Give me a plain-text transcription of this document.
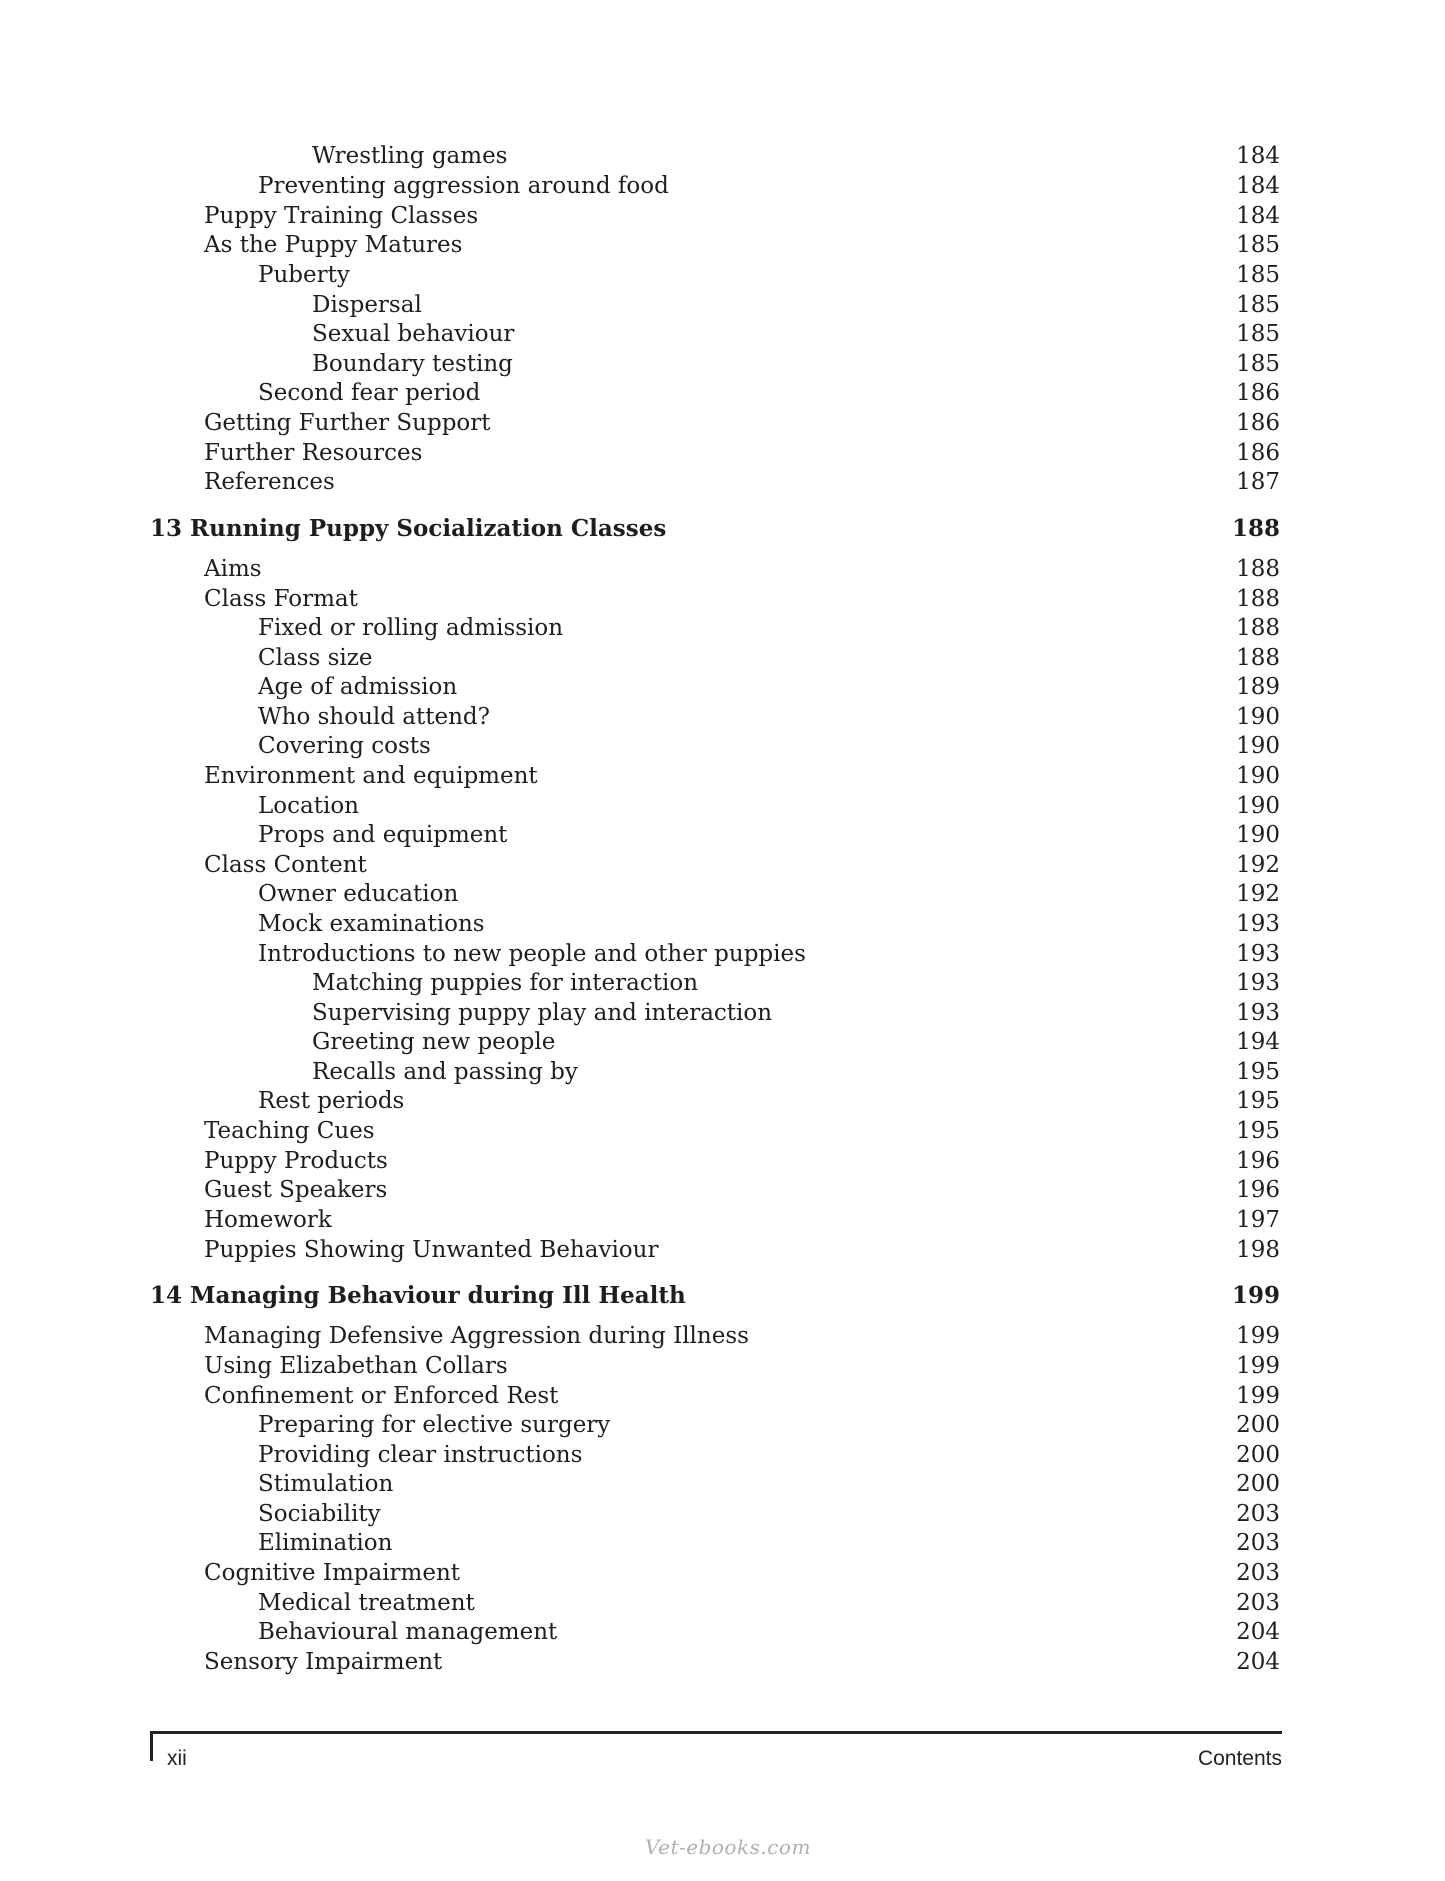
Wrestling games	184
Preventing aggression around food	184
Puppy Training Classes	184
As the Puppy Matures	185
Puberty	185
Dispersal	185
Sexual behaviour	185
Boundary testing	185
Second fear period	186
Getting Further Support	186
Further Resources	186
References	187
13 Running Puppy Socialization Classes	188
Aims	188
Class Format	188
Fixed or rolling admission	188
Class size	188
Age of admission	189
Who should attend?	190
Covering costs	190
Environment and equipment	190
Location	190
Props and equipment	190
Class Content	192
Owner education	192
Mock examinations	193
Introductions to new people and other puppies	193
Matching puppies for interaction	193
Supervising puppy play and interaction	193
Greeting new people	194
Recalls and passing by	195
Rest periods	195
Teaching Cues	195
Puppy Products	196
Guest Speakers	196
Homework	197
Puppies Showing Unwanted Behaviour	198
14 Managing Behaviour during Ill Health	199
Managing Defensive Aggression during Illness	199
Using Elizabethan Collars	199
Confinement or Enforced Rest	199
Preparing for elective surgery	200
Providing clear instructions	200
Stimulation	200
Sociability	203
Elimination	203
Cognitive Impairment	203
Medical treatment	203
Behavioural management	204
Sensory Impairment	204
xii	Contents
Vet-ebooks.com
